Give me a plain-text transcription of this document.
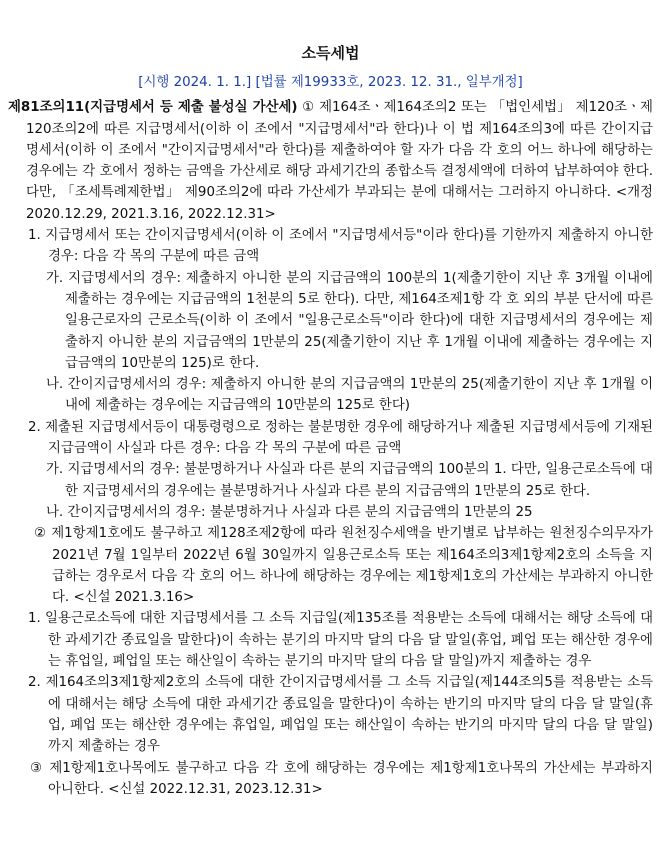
소득세법
[시행 2024. 1. 1.] [법률 제19933호, 2023. 12. 31., 일부개정]
제81조의11(지급명세서 등 제출 불성실 가산세) ① 제164조ㆍ제164조의2 또는 「법인세법」 제120조ㆍ제120조의2에 따른 지급명세서(이하 이 조에서 "지급명세서"라 한다)나 이 법 제164조의3에 따른 간이지급명세서(이하 이 조에서 "간이지급명세서"라 한다)를 제출하여야 할 자가 다음 각 호의 어느 하나에 해당하는 경우에는 각 호에서 정하는 금액을 가산세로 해당 과세기간의 종합소득 결정세액에 더하여 납부하여야 한다. 다만, 「조세특례제한법」 제90조의2에 따라 가산세가 부과되는 분에 대해서는 그러하지 아니하다. <개정 2020.12.29, 2021.3.16, 2022.12.31>
1. 지급명세서 또는 간이지급명세서(이하 이 조에서 "지급명세서등"이라 한다)를 기한까지 제출하지 아니한 경우: 다음 각 목의 구분에 따른 금액
가. 지급명세서의 경우: 제출하지 아니한 분의 지급금액의 100분의 1(제출기한이 지난 후 3개월 이내에 제출하는 경우에는 지급금액의 1천분의 5로 한다). 다만, 제164조제1항 각 호 외의 부분 단서에 따른 일용근로자의 근로소득(이하 이 조에서 "일용근로소득"이라 한다)에 대한 지급명세서의 경우에는 제출하지 아니한 분의 지급금액의 1만분의 25(제출기한이 지난 후 1개월 이내에 제출하는 경우에는 지급금액의 10만분의 125)로 한다.
나. 간이지급명세서의 경우: 제출하지 아니한 분의 지급금액의 1만분의 25(제출기한이 지난 후 1개월 이내에 제출하는 경우에는 지급금액의 10만분의 125로 한다)
2. 제출된 지급명세서등이 대통령령으로 정하는 불분명한 경우에 해당하거나 제출된 지급명세서등에 기재된 지급금액이 사실과 다른 경우: 다음 각 목의 구분에 따른 금액
가. 지급명세서의 경우: 불분명하거나 사실과 다른 분의 지급금액의 100분의 1. 다만, 일용근로소득에 대한 지급명세서의 경우에는 불분명하거나 사실과 다른 분의 지급금액의 1만분의 25로 한다.
나. 간이지급명세서의 경우: 불분명하거나 사실과 다른 분의 지급금액의 1만분의 25
② 제1항제1호에도 불구하고 제128조제2항에 따라 원천징수세액을 반기별로 납부하는 원천징수의무자가 2021년 7월 1일부터 2022년 6월 30일까지 일용근로소득 또는 제164조의3제1항제2호의 소득을 지급하는 경우로서 다음 각 호의 어느 하나에 해당하는 경우에는 제1항제1호의 가산세는 부과하지 아니한다. <신설 2021.3.16>
1. 일용근로소득에 대한 지급명세서를 그 소득 지급일(제135조를 적용받는 소득에 대해서는 해당 소득에 대한 과세기간 종료일을 말한다)이 속하는 분기의 마지막 달의 다음 달 말일(휴업, 폐업 또는 해산한 경우에는 휴업일, 폐업일 또는 해산일이 속하는 분기의 마지막 달의 다음 달 말일)까지 제출하는 경우
2. 제164조의3제1항제2호의 소득에 대한 간이지급명세서를 그 소득 지급일(제144조의5를 적용받는 소득에 대해서는 해당 소득에 대한 과세기간 종료일을 말한다)이 속하는 반기의 마지막 달의 다음 달 말일(휴업, 폐업 또는 해산한 경우에는 휴업일, 폐업일 또는 해산일이 속하는 반기의 마지막 달의 다음 달 말일)까지 제출하는 경우
③ 제1항제1호나목에도 불구하고 다음 각 호에 해당하는 경우에는 제1항제1호나목의 가산세는 부과하지 아니한다. <신설 2022.12.31, 2023.12.31>
